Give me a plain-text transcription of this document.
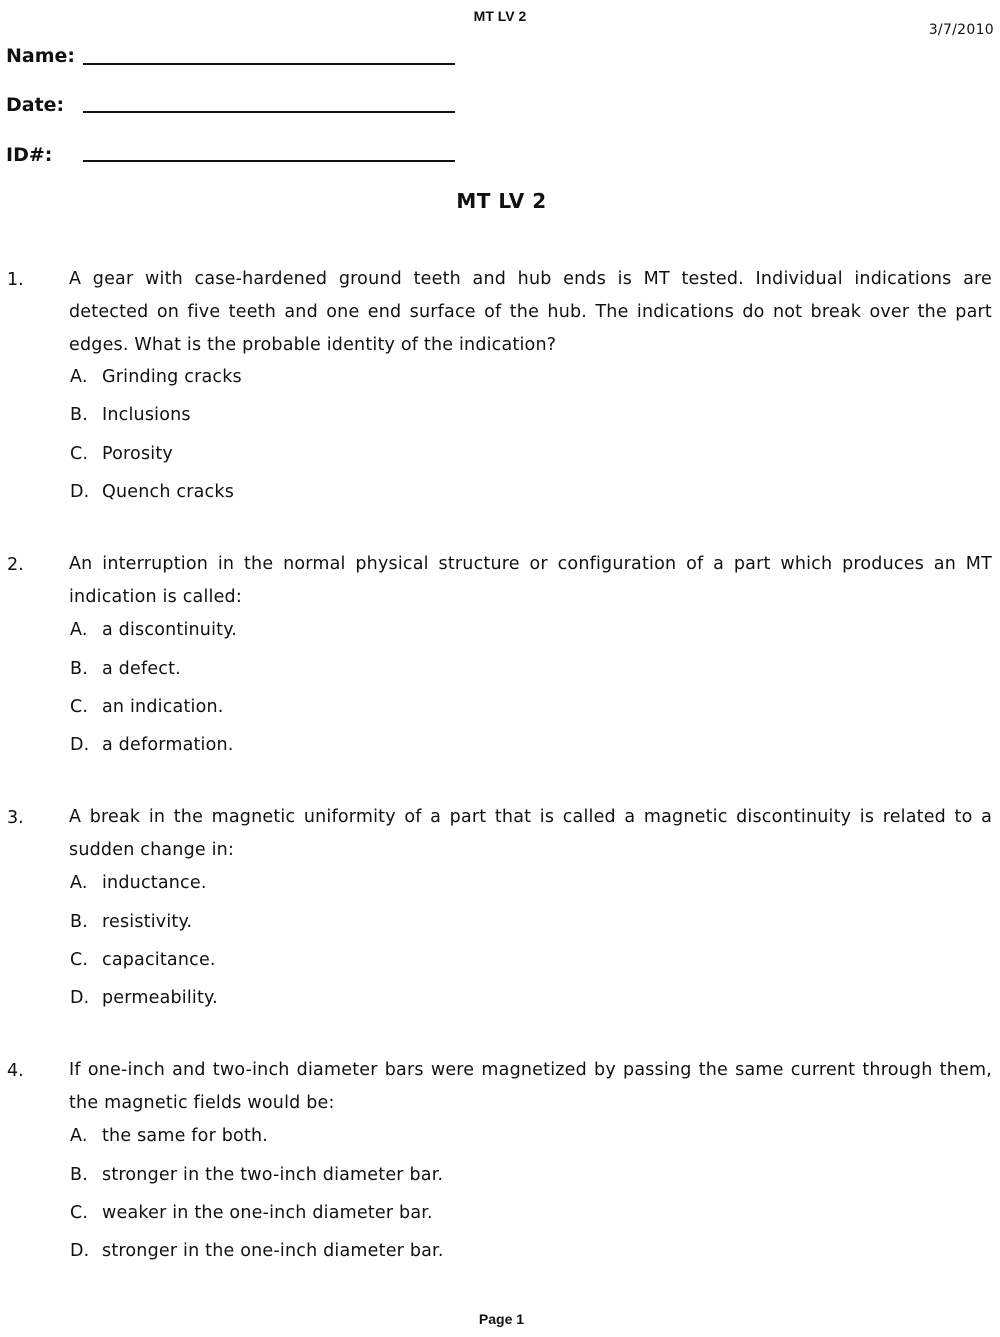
MT LV 2
3/7/2010
Name:
Date:
ID#:
MT LV 2
1.	A gear with case-hardened ground teeth and hub ends is MT tested. Individual indications are detected on five teeth and one end surface of the hub. The indications do not break over the part edges. What is the probable identity of the indication?
A. Grinding cracks
B. Inclusions
C. Porosity
D. Quench cracks
2.	An interruption in the normal physical structure or configuration of a part which produces an MT indication is called:
A. a discontinuity.
B. a defect.
C. an indication.
D. a deformation.
3.	A break in the magnetic uniformity of a part that is called a magnetic discontinuity is related to a sudden change in:
A. inductance.
B. resistivity.
C. capacitance.
D. permeability.
4.	If one-inch and two-inch diameter bars were magnetized by passing the same current through them, the magnetic fields would be:
A. the same for both.
B. stronger in the two-inch diameter bar.
C. weaker in the one-inch diameter bar.
D. stronger in the one-inch diameter bar.
Page 1
